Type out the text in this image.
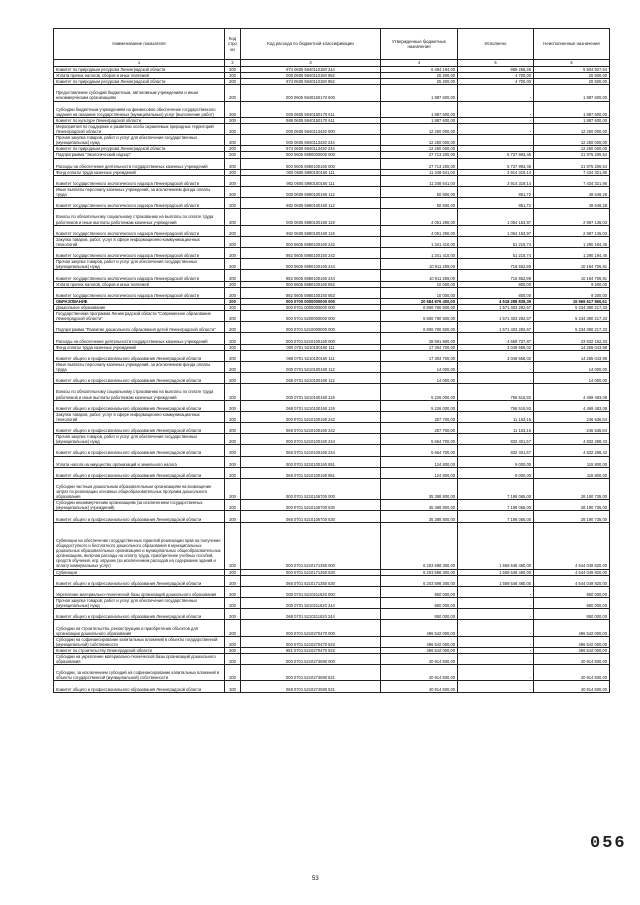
Наименование показателя	Код стро ки	Код расхода по бюджетной классификации	Утвержденные бюджетные назначения	Исполнено	Неисполненные назначения
1	2	3	4	5	6
Комитет по природным ресурсам Ленинградской области	200	974 0605 5940110180 244	6 494 194,00	989 266,36	5 504 927,64
Уплата прочих налогов, сборов и иных платежей	200	000 0605 5940110180 852	25 200,00	4 700,00	20 500,00
Комитет по природным ресурсам Ленинградской области	200	974 0605 5940110180 852	25 200,00	4 700,00	20 500,00
Предоставление субсидий бюджетным, автономным учреждениям и иным некоммерческим организациям	200	000 0605 5940150170 600	1 887 600,00	-	1 887 600,00
Субсидии бюджетным учреждениям на финансовое обеспечение государственного задания на оказание государственных (муниципальных) услуг (выполнение работ)	200	000 0605 5940150170 611	1 887 600,00	-	1 887 600,00
Комитет по культуре Ленинградской области	200	988 0605 5940150170 611	1 887 600,00	-	1 887 600,00
Мероприятия по поддержке и развитию особо охраняемых природных территорий Ленинградской области	200	000 0605 5940113430 000	12 250 000,00	-	12 250 000,00
Прочая закупка товаров, работ и услуг для обеспечения государственных (муниципальных) нужд	200	000 0605 5940113430 244	12 250 000,00	-	12 250 000,00
Комитет по природным ресурсам Ленинградской области	200	974 0605 5940113430 244	12 250 000,00	-	12 250 000,00
Подпрограмма "Экологический надзор"	200	000 0605 5980000000 000	27 713 200,00	5 737 993,46	21 975 206,54
Расходы на обеспечение деятельности государственных казенных учреждений	200	000 0605 5980100160 000	27 713 200,00	5 737 993,46	21 975 206,54
Фонд оплаты труда казенных учреждений	200	000 0605 5980100160 111	11 348 641,00	3 914 319,14	7 434 321,86
Комитет государственного экологического надзора Ленинградской области	200	982 0605 5980100160 111	11 348 641,00	3 914 319,14	7 434 321,86
Иные выплаты персоналу казенных учреждений, за исключением фонда оплаты труда	200	000 0605 5980100160 112	50 600,00	951,72	49 648,28
Комитет государственного экологического надзора Ленинградской области	200	982 0605 5980100160 112	50 600,00	951,72	49 648,28
Взносы по обязательному социальному страхованию на выплаты по оплате труда работников и иные выплаты работникам казенных учреждений	200	000 0605 5980100160 119	4 051 290,00	1 054 153,97	2 997 136,03
Комитет государственного экологического надзора Ленинградской области	200	982 0605 5980100160 119	4 051 290,00	1 054 153,97	2 997 136,03
Закупка товаров, работ, услуг в сфере информационно-коммуникационных технологий	200	000 0605 5980100160 242	1 341 410,00	51 215,74	1 290 194,46
Комитет государственного экологического надзора Ленинградской области	200	982 0605 5980100160 242	1 341 410,00	51 215,74	1 290 194,46
Прочая закупка товаров, работ и услуг для обеспечения государственных (муниципальных) нужд	200	000 0605 5980100160 244	10 911 259,00	716 552,89	10 194 706,91
Комитет государственного экологического надзора Ленинградской области	200	982 0605 5980100160 244	10 911 259,00	716 552,89	10 194 706,91
Уплата прочих налогов, сборов и иных платежей	200	000 0605 5980100160 852	10 000,00	800,00	9 200,00
Комитет государственного экологического надзора Ленинградской области	200	982 0605 5980100160 852	10 000,00	800,00	9 200,00
ОБРАЗОВАНИЕ	200	000 0700 0000000000 000	20 584 876 400,00	4 618 289 839,39	15 966 617 860,61
Дошкольное образование	200	000 0701 0000000000 000	6 806 780 500,00	1 571 403 282,67	5 234 380 217,33
Государственная программа Ленинградской области "Современное образование Ленинградской области"	200	000 0701 5200000000 000	6 806 780 500,00	1 571 403 282,67	5 234 380 217,33
Подпрограмма "Развитие дошкольного образования детей Ленинградской области"	200	000 0701 5210000000 000	6 806 780 500,00	1 571 403 282,67	5 234 380 217,33
Расходы на обеспечение деятельности государственных казенных учреждений	200	000 0701 5210100160 000	28 591 900,00	4 659 737,87	23 932 162,33
Фонд оплаты труда казенных учреждений	200	000 0701 5210100160 111	17 304 700,00	3 049 658,02	14 255 043,98
Комитет общего и профессионального образования Ленинградской области	200	068 0701 5210100160 111	17 304 700,00	3 049 658,02	14 255 043,98
Иные выплаты персоналу казенных учреждений, за исключением фонда оплаты труда	200	000 0701 5210100160 112	14 000,00	-	14 000,00
Комитет общего и профессионального образования Ленинградской области	200	068 0701 5210100160 112	14 000,00	-	14 000,00
Взносы по обязательному социальному страхованию на выплаты по оплате труда работников и иные выплаты работникам казенных учреждений	200	000 0701 5210100160 119	5 226 000,00	756 516,92	4 469 483,08
Комитет общего и профессионального образования Ленинградской области	200	068 0701 5210100160 119	5 226 000,00	756 516,92	4 469 483,08
Закупка товаров, работ, услуг в сфере информационно-коммуникационных технологий	200	000 0701 5210100160 242	257 700,00	11 163,16	246 536,84
Комитет общего и профессионального образования Ленинградской области	200	068 0701 5210100160 242	257 700,00	11 163,16	246 536,84
Прочая закупка товаров, работ и услуг для обеспечения государственных (муниципальных) нужд	200	000 0701 5210100160 244	5 664 700,00	832 401,57	4 832 298,43
Комитет общего и профессионального образования Ленинградской области	200	068 0701 5210100160 244	5 664 700,00	832 401,57	4 832 298,43
Уплата налога на имущество организаций и земельного налога	200	000 0701 5210100160 851	124 800,00	9 000,00	115 800,00
Комитет общего и профессионального образования Ленинградской области	200	068 0701 5210100160 851	124 800,00	9 000,00	115 800,00
Субсидии частным дошкольным образовательным организациям на возмещение затрат по реализации основных общеобразовательных программ дошкольного образования	200	000 0701 5210106700 000	35 388 800,00	7 198 065,00	28 190 735,00
Субсидии некоммерческим организациям (за исключением государственных (муниципальных) учреждений)	200	000 0701 5210106700 630	35 388 800,00	7 198 065,00	28 190 735,00
Комитет общего и профессионального образования Ленинградской области	200	068 0701 5210106700 630	35 388 800,00	7 198 065,00	28 190 735,00
Субвенции на обеспечение государственных гарантий реализации прав на получение общедоступного и бесплатного дошкольного образования в муниципальных дошкольных образовательных организациях и муниципальных общеобразовательных организациях, включая расходы на оплату труда, приобретение учебных пособий, средств обучения, игр, игрушек (за исключением расходов на содержание зданий и оплату коммунальных услуг)	200	000 0701 5210171350 000	6 203 598 300,00	1 559 548 480,00	4 644 049 820,00
Субвенции	200	000 0701 5210171350 530	6 203 598 300,00	1 559 548 480,00	4 644 049 820,00
Комитет общего и профессионального образования Ленинградской области	200	068 0701 5210171350 530	6 203 598 300,00	1 559 548 480,00	4 644 049 820,00
Укрепление материально-технической базы организаций дошкольного образования	200	000 0701 5210211620 000	850 000,00	-	850 000,00
Прочая закупка товаров, работ и услуг для обеспечения государственных (муниципальных) нужд	200	000 0701 5210211620 244	850 000,00	-	850 000,00
Комитет общего и профессионального образования Ленинградской области	200	068 0701 5210211620 244	850 000,00	-	850 000,00
Субсидии на строительство, реконструкцию и приобретение объектов для организации дошкольного образования	200	000 0701 5210270470 000	496 542 000,00	-	496 542 000,00
Субсидии на софинансирование капитальных вложений в объекты государственной (муниципальной) собственности	200	000 0701 5210270470 522	496 542 000,00	-	496 542 000,00
Комитет по строительству Ленинградской области	200	981 0701 5210270470 522	496 542 000,00	-	496 542 000,00
Субсидии на укрепление материально-технической базы организаций дошкольного образования	200	000 0701 5210274080 000	40 914 500,00	-	40 914 500,00
Субсидии, за исключением субсидий на софинансирование капитальных вложений в объекты государственной (муниципальной) собственности	200	000 0701 5210274080 521	40 914 500,00	-	40 914 500,00
Комитет общего и профессионального образования Ленинградской области	200	068 0701 5210274080 521	40 914 500,00	-	40 914 500,00
53
056
